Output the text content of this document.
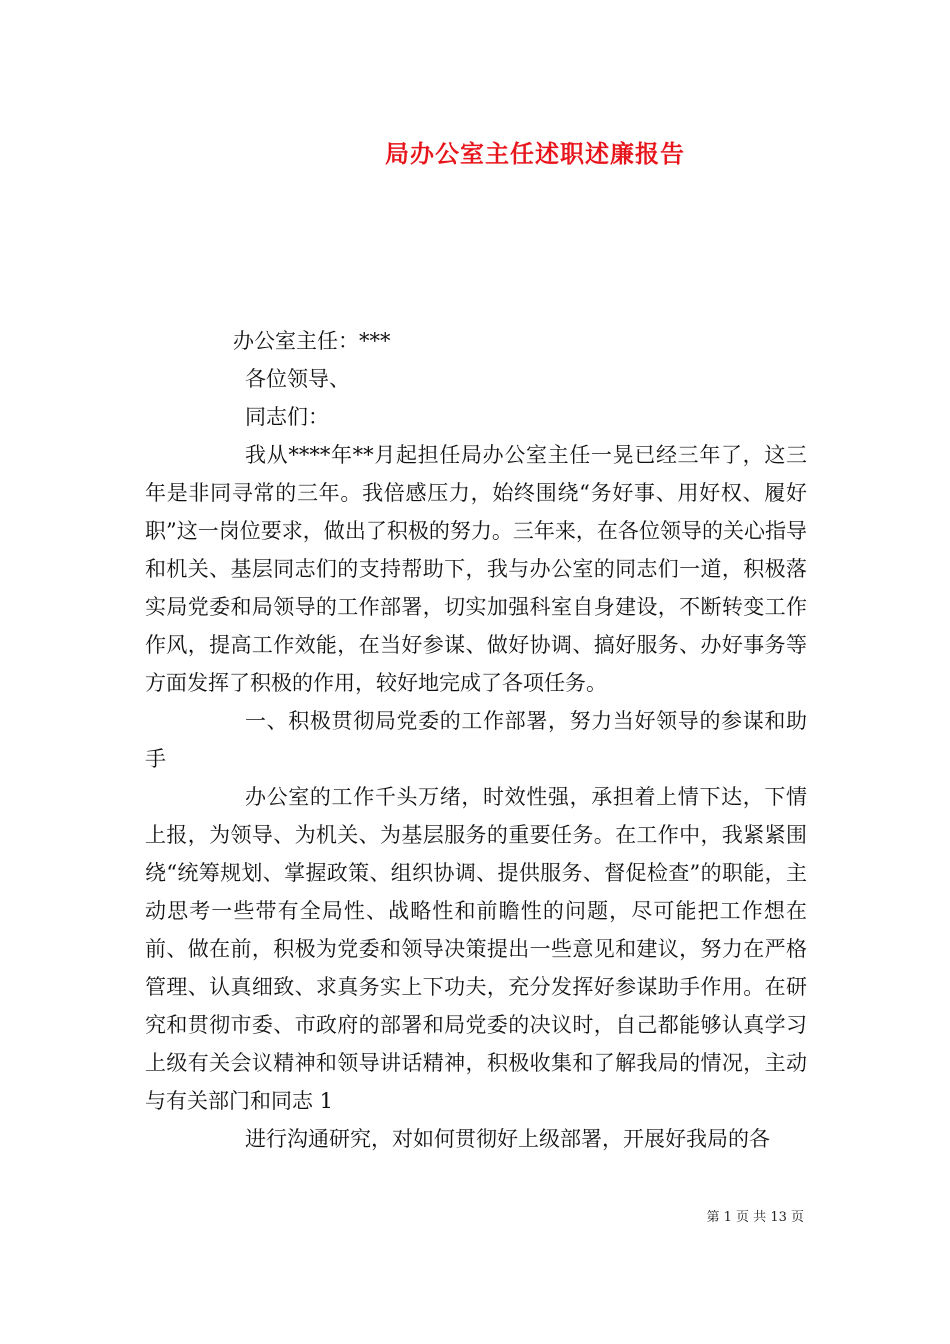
局办公室主任述职述廉报告

办公室主任：***

各位领导、

同志们：

我从****年**月起担任局办公室主任一晃已经三年了，这三年是非同寻常的三年。我倍感压力，始终围绕“务好事、用好权、履好职”这一岗位要求，做出了积极的努力。三年来，在各位领导的关心指导和机关、基层同志们的支持帮助下，我与办公室的同志们一道，积极落实局党委和局领导的工作部署，切实加强科室自身建设，不断转变工作作风，提高工作效能，在当好参谋、做好协调、搞好服务、办好事务等方面发挥了积极的作用，较好地完成了各项任务。

一、积极贯彻局党委的工作部署，努力当好领导的参谋和助手

办公室的工作千头万绪，时效性强，承担着上情下达，下情上报，为领导、为机关、为基层服务的重要任务。在工作中，我紧紧围绕“统筹规划、掌握政策、组织协调、提供服务、督促检查”的职能，主动思考一些带有全局性、战略性和前瞻性的问题，尽可能把工作想在前、做在前，积极为党委和领导决策提出一些意见和建议，努力在严格管理、认真细致、求真务实上下功夫，充分发挥好参谋助手作用。在研究和贯彻市委、市政府的部署和局党委的决议时，自己都能够认真学习上级有关会议精神和领导讲话精神，积极收集和了解我局的情况，主动与有关部门和同志 1

进行沟通研究，对如何贯彻好上级部署，开展好我局的各

第 1 页 共 13 页
